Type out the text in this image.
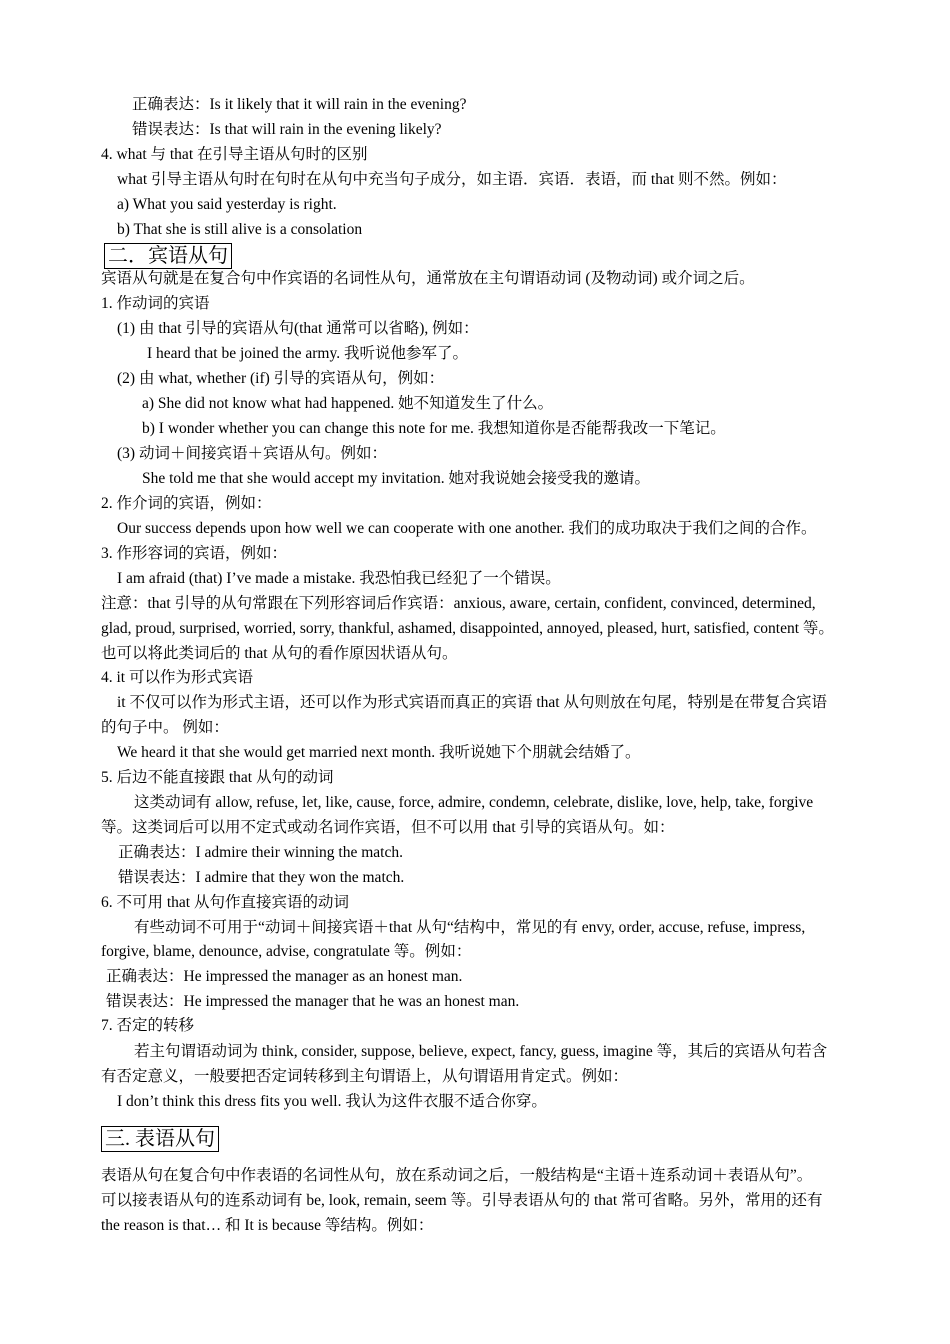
正确表达：Is it likely that it will rain in the evening?
错误表达：Is that will rain in the evening likely?
4. what 与 that 在引导主语从句时的区别
what 引导主语从句时在句时在从句中充当句子成分，如主语．宾语．表语，而 that 则不然。例如：
a) What you said yesterday is right.
b) That she is still alive is a consolation
二．宾语从句
宾语从句就是在复合句中作宾语的名词性从句，通常放在主句谓语动词 (及物动词) 或介词之后。
1. 作动词的宾语
(1) 由 that 引导的宾语从句(that 通常可以省略), 例如：
I heard that be joined the army. 我听说他参军了。
(2) 由 what, whether (if) 引导的宾语从句，例如：
a) She did not know what had happened. 她不知道发生了什么。
b) I wonder whether you can change this note for me. 我想知道你是否能帮我改一下笔记。
(3) 动词＋间接宾语＋宾语从句。例如：
She told me that she would accept my invitation. 她对我说她会接受我的邀请。
2. 作介词的宾语，例如：
Our success depends upon how well we can cooperate with one another. 我们的成功取决于我们之间的合作。
3. 作形容词的宾语，例如：
I am afraid (that) I’ve made a mistake. 我恐怕我已经犯了一个错误。
注意：that 引导的从句常跟在下列形容词后作宾语：anxious, aware, certain, confident, convinced, determined,
glad, proud, surprised, worried, sorry, thankful, ashamed, disappointed, annoyed, pleased, hurt, satisfied, content 等。
也可以将此类词后的 that 从句的看作原因状语从句。
4. it 可以作为形式宾语
it 不仅可以作为形式主语，还可以作为形式宾语而真正的宾语 that 从句则放在句尾，特别是在带复合宾语
的句子中。 例如：
We heard it that she would get married next month. 我听说她下个朋就会结婚了。
5. 后边不能直接跟 that 从句的动词
这类动词有 allow, refuse, let, like, cause, force, admire, condemn, celebrate, dislike, love, help, take, forgive
等。这类词后可以用不定式或动名词作宾语，但不可以用 that 引导的宾语从句。如：
正确表达：I admire their winning the match.
错误表达：I admire that they won the match.
6. 不可用 that 从句作直接宾语的动词
有些动词不可用于“动词＋间接宾语＋that 从句“结构中，常见的有 envy, order, accuse, refuse, impress,
forgive, blame, denounce, advise, congratulate 等。例如：
正确表达：He impressed the manager as an honest man.
错误表达：He impressed the manager that he was an honest man.
7. 否定的转移
若主句谓语动词为 think, consider, suppose, believe, expect, fancy, guess, imagine 等，其后的宾语从句若含
有否定意义，一般要把否定词转移到主句谓语上，从句谓语用肯定式。例如：
I don’t think this dress fits you well. 我认为这件衣服不适合你穿。
三. 表语从句
表语从句在复合句中作表语的名词性从句，放在系动词之后，一般结构是“主语＋连系动词＋表语从句”。
可以接表语从句的连系动词有 be, look, remain, seem 等。引导表语从句的 that 常可省略。另外，常用的还有
the reason is that… 和 It is because 等结构。例如：
